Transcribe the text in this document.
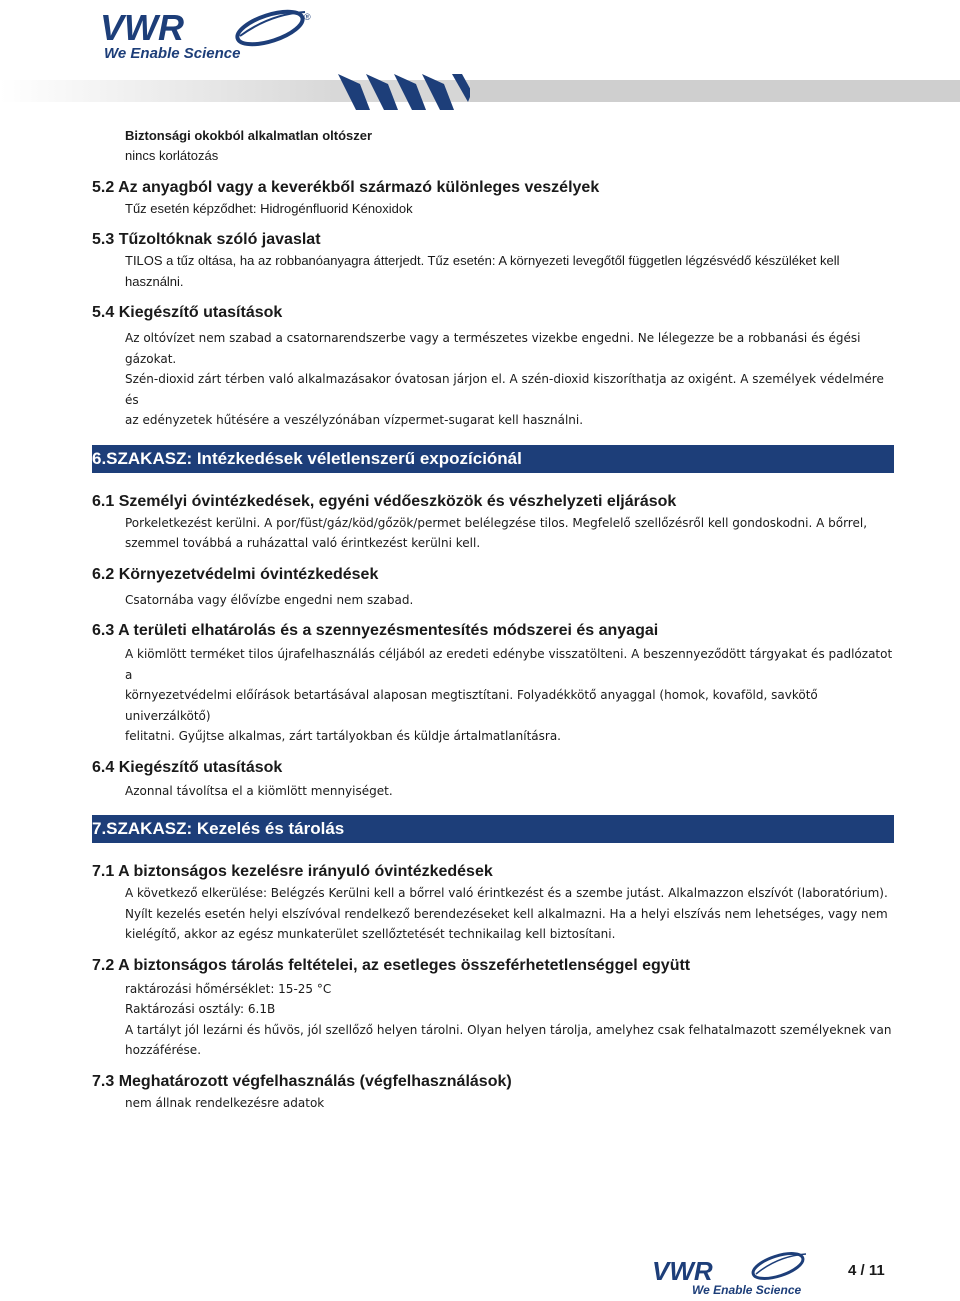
VWR	®
We Enable Science
Biztonsági okokból alkalmatlan oltószer
nincs korlátozás
5.2 Az anyagból vagy a keverékből származó különleges veszélyek
Tűz esetén képződhet: Hidrogénfluorid Kénoxidok
5.3 Tűzoltóknak szóló javaslat
TILOS a tűz oltása, ha az robbanóanyagra átterjedt. Tűz esetén: A környezeti levegőtől független légzésvédő készüléket kell
használni.
5.4 Kiegészítő utasítások
Az oltóvízet nem szabad a csatornarendszerbe vagy a természetes vizekbe engedni. Ne lélegezze be a robbanási és égési gázokat.
Szén-dioxid zárt térben való alkalmazásakor óvatosan járjon el. A szén-dioxid kiszoríthatja az oxigént. A személyek védelmére és
az edényzetek hűtésére a veszélyzónában vízpermet-sugarat kell használni.
6.SZAKASZ: Intézkedések véletlenszerű expozíciónál
6.1 Személyi óvintézkedések, egyéni védőeszközök és vészhelyzeti eljárások
Porkeletkezést kerülni. A por/füst/gáz/köd/gőzök/permet belélegzése tilos. Megfelelő szellőzésről kell gondoskodni. A bőrrel,
szemmel továbbá a ruházattal való érintkezést kerülni kell.
6.2 Környezetvédelmi óvintézkedések
Csatornába vagy élővízbe engedni nem szabad.
6.3 A területi elhatárolás és a szennyezésmentesítés módszerei és anyagai
A kiömlött terméket tilos újrafelhasználás céljából az eredeti edénybe visszatölteni. A beszennyeződött tárgyakat és padlózatot a
környezetvédelmi előírások betartásával alaposan megtisztítani. Folyadékkötő anyaggal (homok, kovaföld, savkötő univerzálkötő)
felitatni. Gyűjtse alkalmas, zárt tartályokban és küldje ártalmatlanításra.
6.4 Kiegészítő utasítások
Azonnal távolítsa el a kiömlött mennyiséget.
7.SZAKASZ: Kezelés és tárolás
7.1 A biztonságos kezelésre irányuló óvintézkedések
A következő elkerülése: Belégzés Kerülni kell a bőrrel való érintkezést és a szembe jutást. Alkalmazzon elszívót (laboratórium).
Nyílt kezelés esetén helyi elszívóval rendelkező berendezéseket kell alkalmazni. Ha a helyi elszívás nem lehetséges, vagy nem
kielégítő, akkor az egész munkaterület szellőztetését technikailag kell biztosítani.
7.2 A biztonságos tárolás feltételei, az esetleges összeférhetetlenséggel együtt
raktározási hőmérséklet: 15-25 °C
Raktározási osztály: 6.1B
A tartályt jól lezárni és hűvös, jól szellőző helyen tárolni. Olyan helyen tárolja, amelyhez csak felhatalmazott személyeknek van
hozzáférése.
7.3 Meghatározott végfelhasználás (végfelhasználások)
nem állnak rendelkezésre adatok
VWR
We Enable Science
4 / 11
